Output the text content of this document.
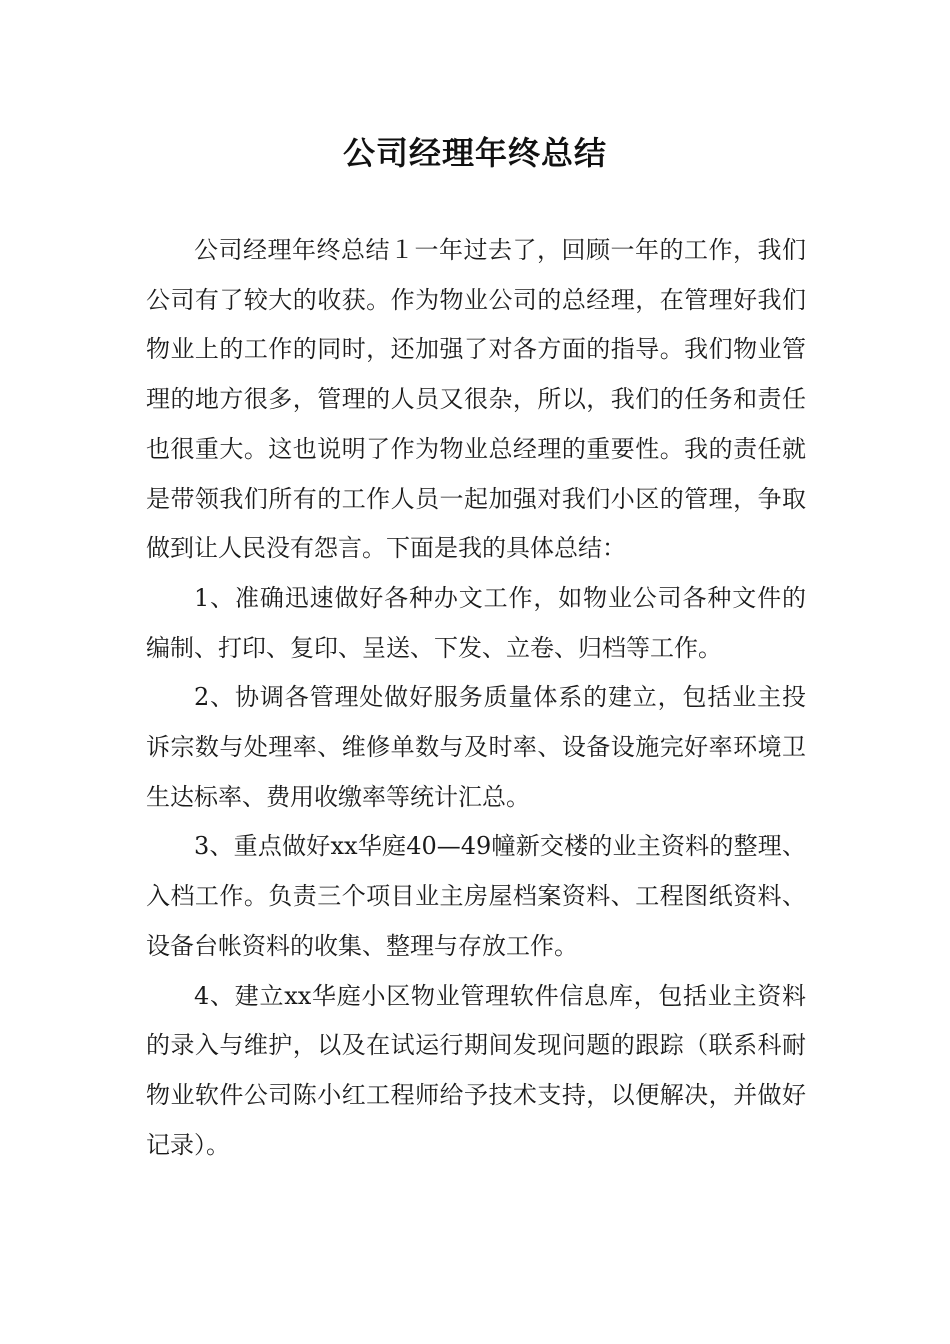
公司经理年终总结

公司经理年终总结１一年过去了，回顾一年的工作，我们公司有了较大的收获。作为物业公司的总经理，在管理好我们物业上的工作的同时，还加强了对各方面的指导。我们物业管理的地方很多，管理的人员又很杂，所以，我们的任务和责任也很重大。这也说明了作为物业总经理的重要性。我的责任就是带领我们所有的工作人员一起加强对我们小区的管理，争取做到让人民没有怨言。下面是我的具体总结：

1、准确迅速做好各种办文工作，如物业公司各种文件的编制、打印、复印、呈送、下发、立卷、归档等工作。

2、协调各管理处做好服务质量体系的建立，包括业主投诉宗数与处理率、维修单数与及时率、设备设施完好率环境卫生达标率、费用收缴率等统计汇总。

3、重点做好xx华庭40—49幢新交楼的业主资料的整理、入档工作。负责三个项目业主房屋档案资料、工程图纸资料、设备台帐资料的收集、整理与存放工作。

4、建立xx华庭小区物业管理软件信息库，包括业主资料的录入与维护，以及在试运行期间发现问题的跟踪（联系科耐物业软件公司陈小红工程师给予技术支持，以便解决，并做好记录）。
